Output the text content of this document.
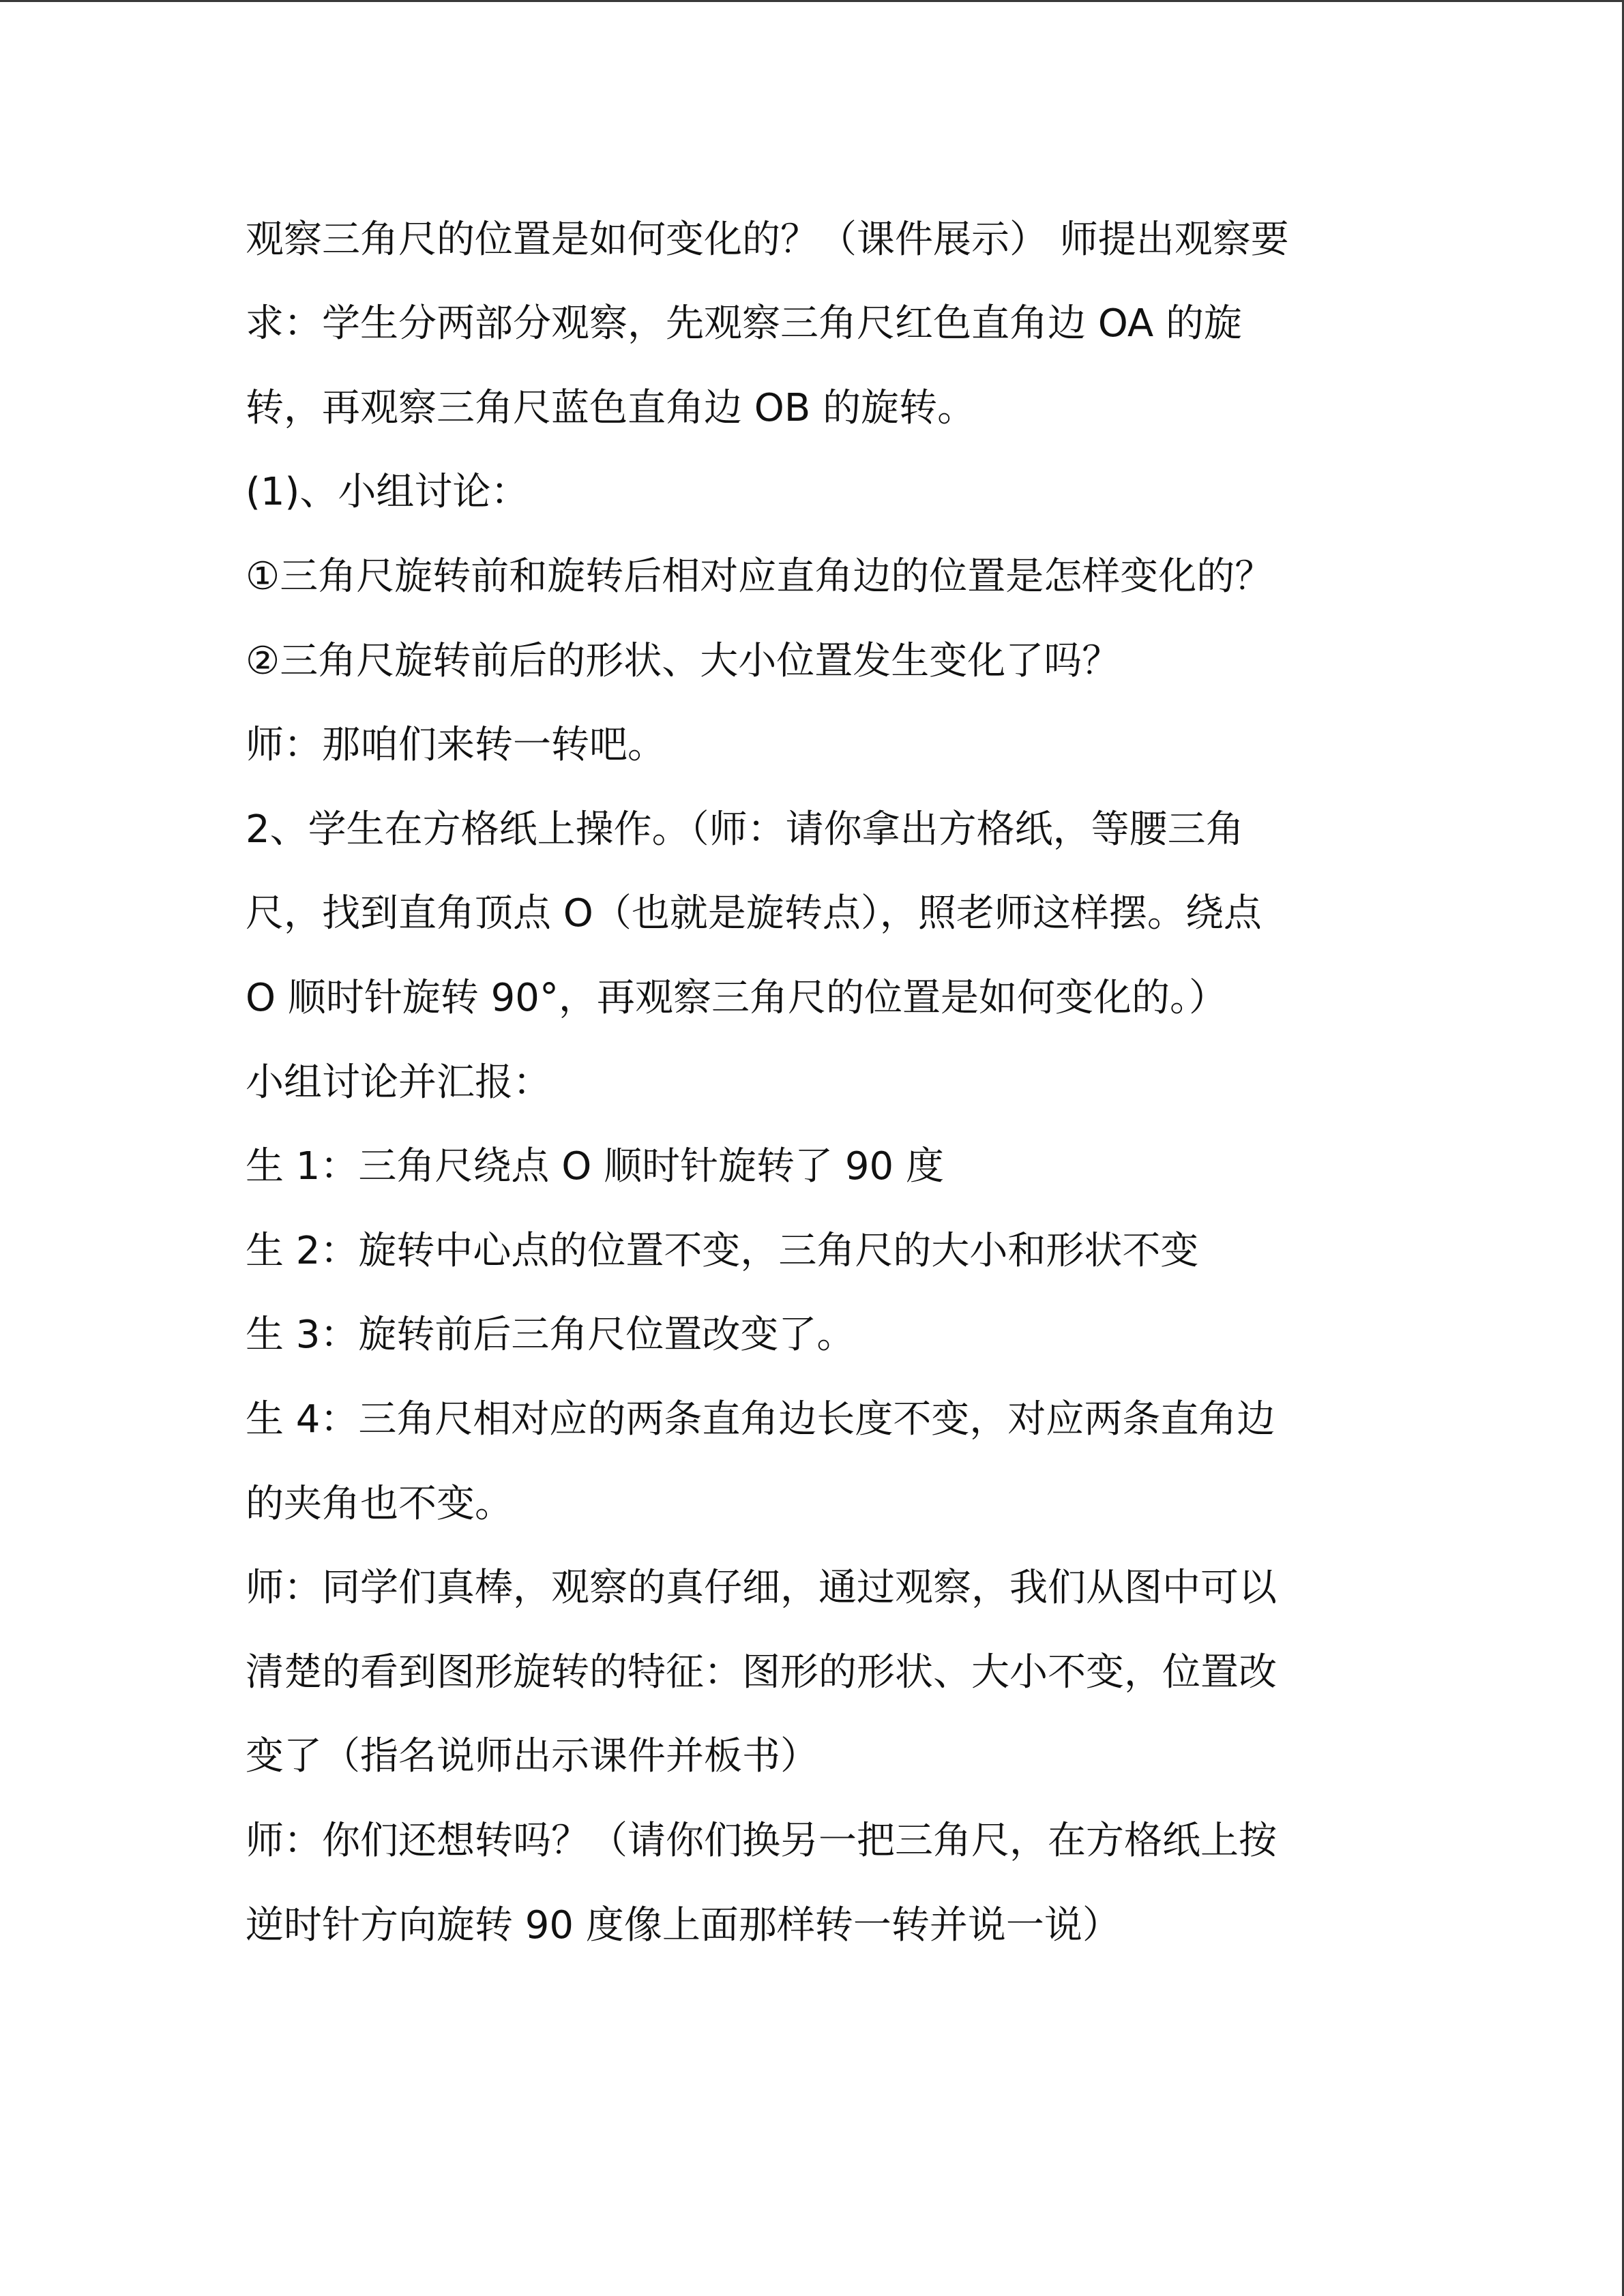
观察三角尺的位置是如何变化的？（课件展示） 师提出观察要
求：学生分两部分观察，先观察三角尺红色直角边 OA 的旋
转，再观察三角尺蓝色直角边 OB 的旋转。
(1)、小组讨论：
①三角尺旋转前和旋转后相对应直角边的位置是怎样变化的？
②三角尺旋转前后的形状、大小位置发生变化了吗？
师：那咱们来转一转吧。
2、学生在方格纸上操作。（师：请你拿出方格纸，等腰三角
尺，找到直角顶点 O（也就是旋转点），照老师这样摆。绕点
O 顺时针旋转 90°，再观察三角尺的位置是如何变化的。）
小组讨论并汇报：
生 1：三角尺绕点 O 顺时针旋转了 90 度
生 2：旋转中心点的位置不变，三角尺的大小和形状不变
生 3：旋转前后三角尺位置改变了。
生 4：三角尺相对应的两条直角边长度不变，对应两条直角边
的夹角也不变。
师：同学们真棒，观察的真仔细，通过观察，我们从图中可以
清楚的看到图形旋转的特征：图形的形状、大小不变，位置改
变了（指名说师出示课件并板书）
师：你们还想转吗？（请你们换另一把三角尺，在方格纸上按
逆时针方向旋转 90 度像上面那样转一转并说一说）
